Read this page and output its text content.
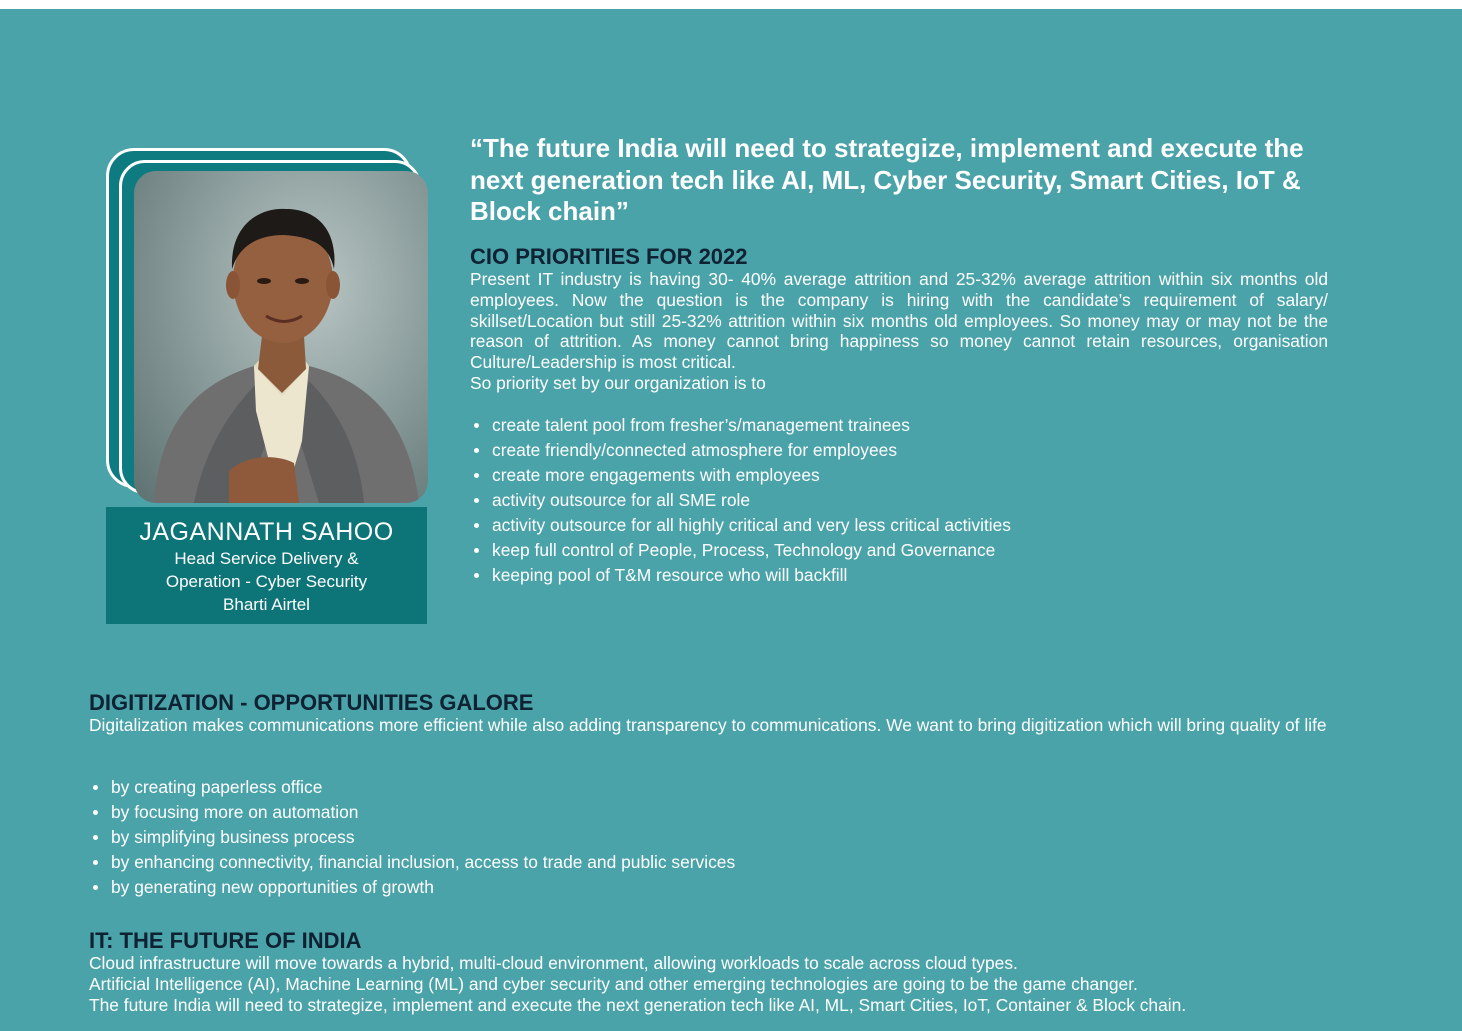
JAGANNATH SAHOO
Head Service Delivery &
Operation - Cyber Security
Bharti Airtel
“The future India will need to strategize, implement and execute the next generation tech like AI, ML, Cyber Security, Smart Cities, IoT & Block chain”
CIO PRIORITIES FOR 2022
Present IT industry is having 30- 40% average attrition and 25-32% average attrition within six months old employees. Now the question is the company is hiring with the candidate’s requirement of salary/ skillset/Location but still 25-32% attrition within six months old employees. So money may or may not be the reason of attrition. As money cannot bring happiness so money cannot retain resources, organisation Culture/Leadership is most critical.
So priority set by our organization is to
create talent pool from fresher’s/management trainees
create friendly/connected atmosphere for employees
create more engagements with employees
activity outsource for all SME role
activity outsource for all highly critical and very less critical activities
keep full control of People, Process, Technology and Governance
keeping pool of T&M resource who will backfill
DIGITIZATION - OPPORTUNITIES GALORE
Digitalization makes communications more efficient while also adding transparency to communications. We want to bring digitization which will bring quality of life
by creating paperless office
by focusing more on automation
by simplifying business process
by enhancing connectivity, financial inclusion, access to trade and public services
by generating new opportunities of growth
IT: THE FUTURE OF INDIA
Cloud infrastructure will move towards a hybrid, multi-cloud environment, allowing workloads to scale across cloud types.
Artificial Intelligence (AI), Machine Learning (ML) and cyber security and other emerging technologies are going to be the game changer.
The future India will need to strategize, implement and execute the next generation tech like AI, ML, Smart Cities, IoT, Container & Block chain.
